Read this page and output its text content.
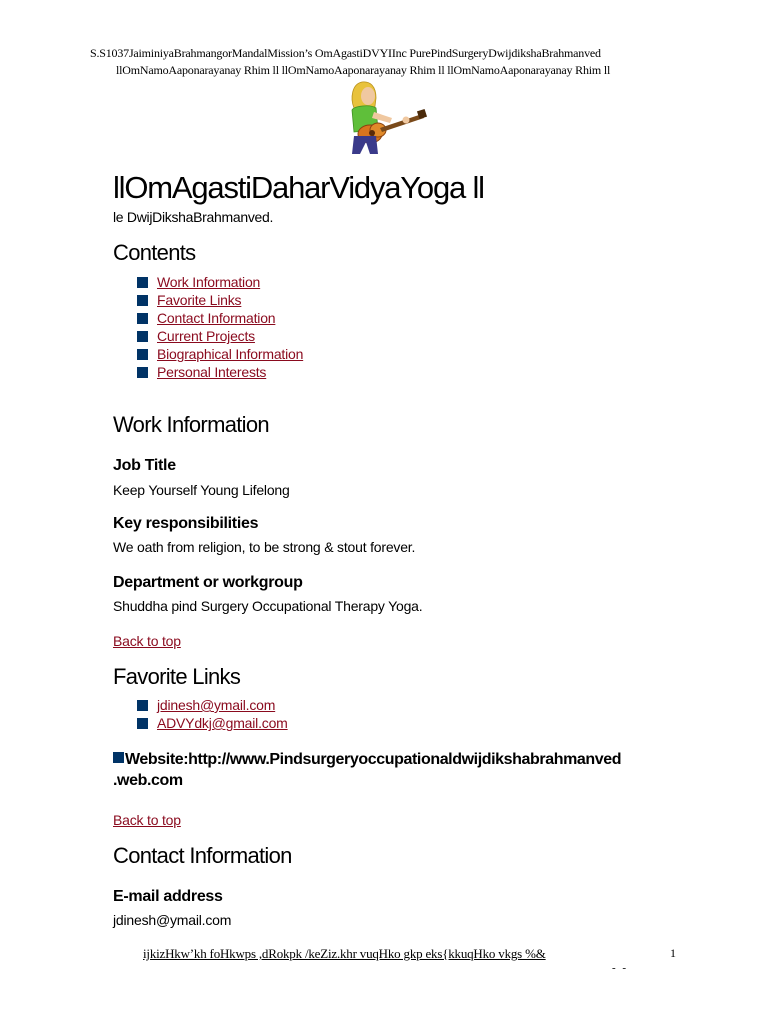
S.S1037JaiminiyaBrahmangorMandalMission’s OmAgastiDVYIInc PurePindSurgeryDwijdikshaBrahmanved
llOmNamoAaponarayanay Rhim ll llOmNamoAaponarayanay Rhim ll llOmNamoAaponarayanay Rhim ll
llOmAgastiDaharVidyaYoga ll
le DwijDikshaBrahmanved.
Contents
Work Information
Favorite Links
Contact Information
Current Projects
Biographical Information
Personal Interests
Work Information
Job Title
Keep Yourself Young Lifelong
Key responsibilities
We oath from religion, to be strong & stout forever.
Department or workgroup
Shuddha pind Surgery Occupational Therapy Yoga.
Back to top
Favorite Links
jdinesh@ymail.com
ADVYdkj@gmail.com
Website:http://www.Pindsurgeryoccupationaldwijdikshabrahmanved
.web.com
Back to top
Contact Information
E-mail address
jdinesh@ymail.com
ijkizHkw’kh foHkwps ,dRokpk /keZiz.khr vuqHko gkp eks{kkuqHko vkgs %&
- -
1
